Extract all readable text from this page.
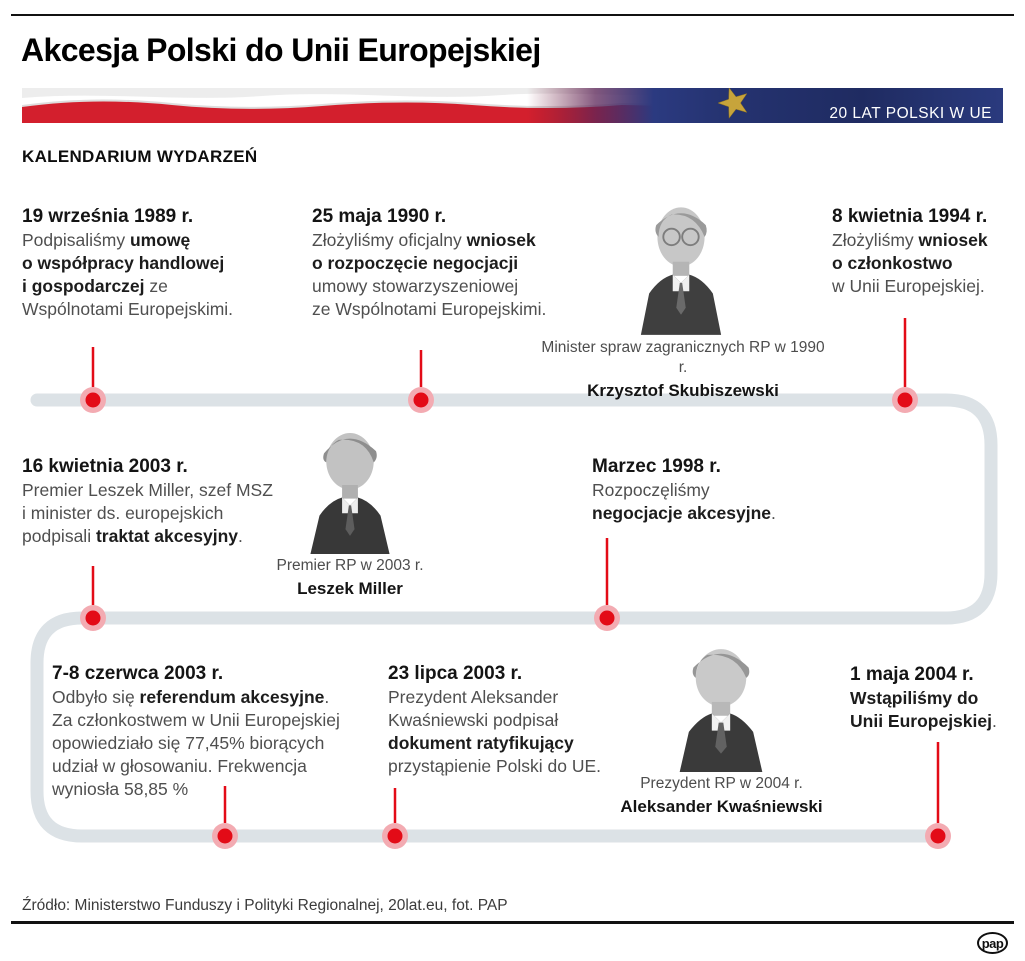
Akcesja Polski do Unii Europejskiej
20 LAT POLSKI W UE
KALENDARIUM WYDARZEŃ
19 września 1989 r.
Podpisaliśmy umowę
o współpracy handlowej
i gospodarczej ze
Wspólnotami Europejskimi.
25 maja 1990 r.
Złożyliśmy oficjalny wniosek
o rozpoczęcie negocjacji
umowy stowarzyszeniowej
ze Wspólnotami Europejskimi.
8 kwietnia 1994 r.
Złożyliśmy wniosek
o członkostwo
w Unii Europejskiej.
16 kwietnia 2003 r.
Premier Leszek Miller, szef MSZ
i minister ds. europejskich
podpisali traktat akcesyjny.
Marzec 1998 r.
Rozpoczęliśmy
negocjacje akcesyjne.
7-8 czerwca 2003 r.
Odbyło się referendum akcesyjne.
Za członkostwem w Unii Europejskiej
opowiedziało się 77,45% biorących
udział w głosowaniu. Frekwencja
wyniosła 58,85 %
23 lipca 2003 r.
Prezydent Aleksander
Kwaśniewski podpisał
dokument ratyfikujący
przystąpienie Polski do UE.
1 maja 2004 r.
Wstąpiliśmy do
Unii Europejskiej.
Minister spraw zagranicznych RP w 1990 r.
Krzysztof Skubiszewski
Premier RP w 2003 r.
Leszek Miller
Prezydent RP w 2004 r.
Aleksander Kwaśniewski
Źródło: Ministerstwo Funduszy i Polityki Regionalnej, 20lat.eu, fot. PAP
pap
